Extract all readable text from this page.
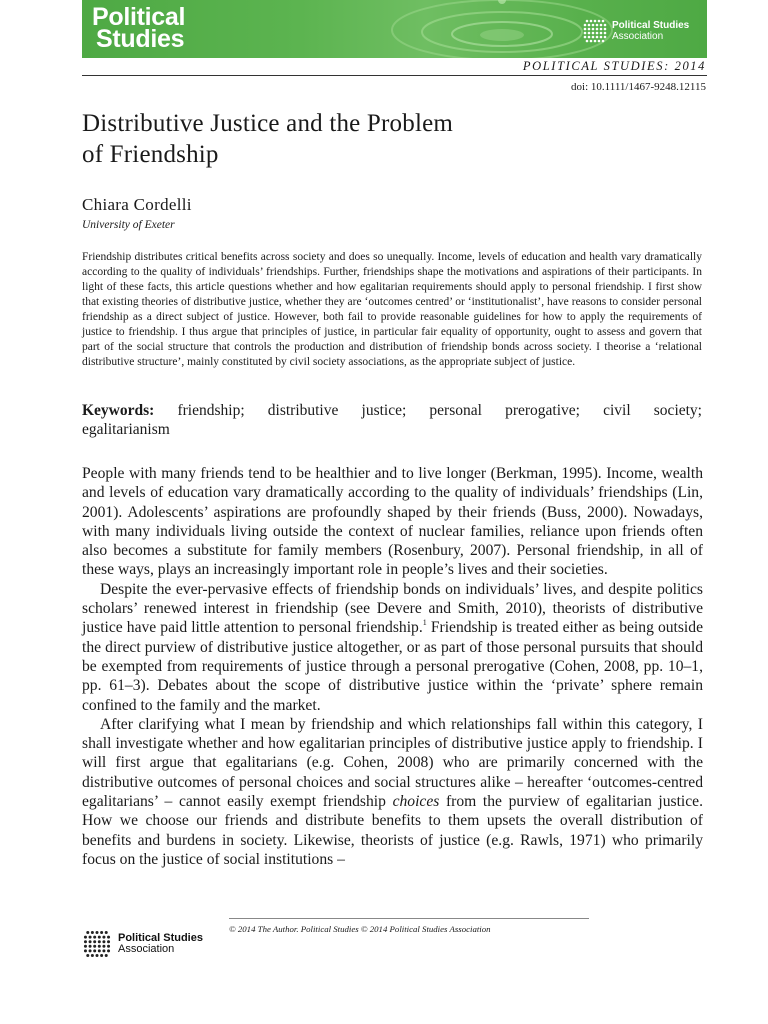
Political
Studies	Political Studies
Association
POLITICAL STUDIES: 2014
doi: 10.1111/1467-9248.12115
Distributive Justice and the Problem
of Friendship
Chiara Cordelli
University of Exeter

Friendship distributes critical benefits across society and does so unequally. Income, levels of education and health vary dramatically according to the quality of individuals’ friendships. Further, friendships shape the motivations and aspirations of their participants. In light of these facts, this article questions whether and how egalitarian requirements should apply to personal friendship. I first show that existing theories of distributive justice, whether they are ‘outcomes centred’ or ‘institutionalist’, have reasons to consider personal friendship as a direct subject of justice. However, both fail to provide reasonable guidelines for how to apply the requirements of justice to friendship. I thus argue that principles of justice, in particular fair equality of opportunity, ought to assess and govern that part of the social structure that controls the production and distribution of friendship bonds across society. I theorise a ‘relational distributive structure’, mainly constituted by civil society associations, as the appropriate subject of justice.

Keywords: friendship; distributive justice; personal prerogative; civil society; egalitarianism

People with many friends tend to be healthier and to live longer (Berkman, 1995). Income, wealth and levels of education vary dramatically according to the quality of individuals’ friendships (Lin, 2001). Adolescents’ aspirations are profoundly shaped by their friends (Buss, 2000). Nowadays, with many individuals living outside the context of nuclear families, reliance upon friends often also becomes a substitute for family members (Rosenbury, 2007). Personal friendship, in all of these ways, plays an increasingly important role in people’s lives and their societies.

Despite the ever-pervasive effects of friendship bonds on individuals’ lives, and despite politics scholars’ renewed interest in friendship (see Devere and Smith, 2010), theorists of distributive justice have paid little attention to personal friendship.$^1$ Friendship is treated either as being outside the direct purview of distributive justice altogether, or as part of those personal pursuits that should be exempted from requirements of justice through a personal prerogative (Cohen, 2008, pp. 10–1, pp. 61–3). Debates about the scope of distributive justice within the ‘private’ sphere remain confined to the family and the market.

After clarifying what I mean by friendship and which relationships fall within this category, I shall investigate whether and how egalitarian principles of distributive justice apply to friendship. I will first argue that egalitarians (e.g. Cohen, 2008) who are primarily concerned with the distributive outcomes of personal choices and social structures alike – hereafter ‘outcomes-centred egalitarians’ – cannot easily exempt friendship choices from the purview of egalitarian justice. How we choose our friends and distribute benefits to them upsets the overall distribution of benefits and burdens in society. Likewise, theorists of justice (e.g. Rawls, 1971) who primarily focus on the justice of social institutions –

© 2014 The Author. Political Studies © 2014 Political Studies Association
Political Studies
Association
